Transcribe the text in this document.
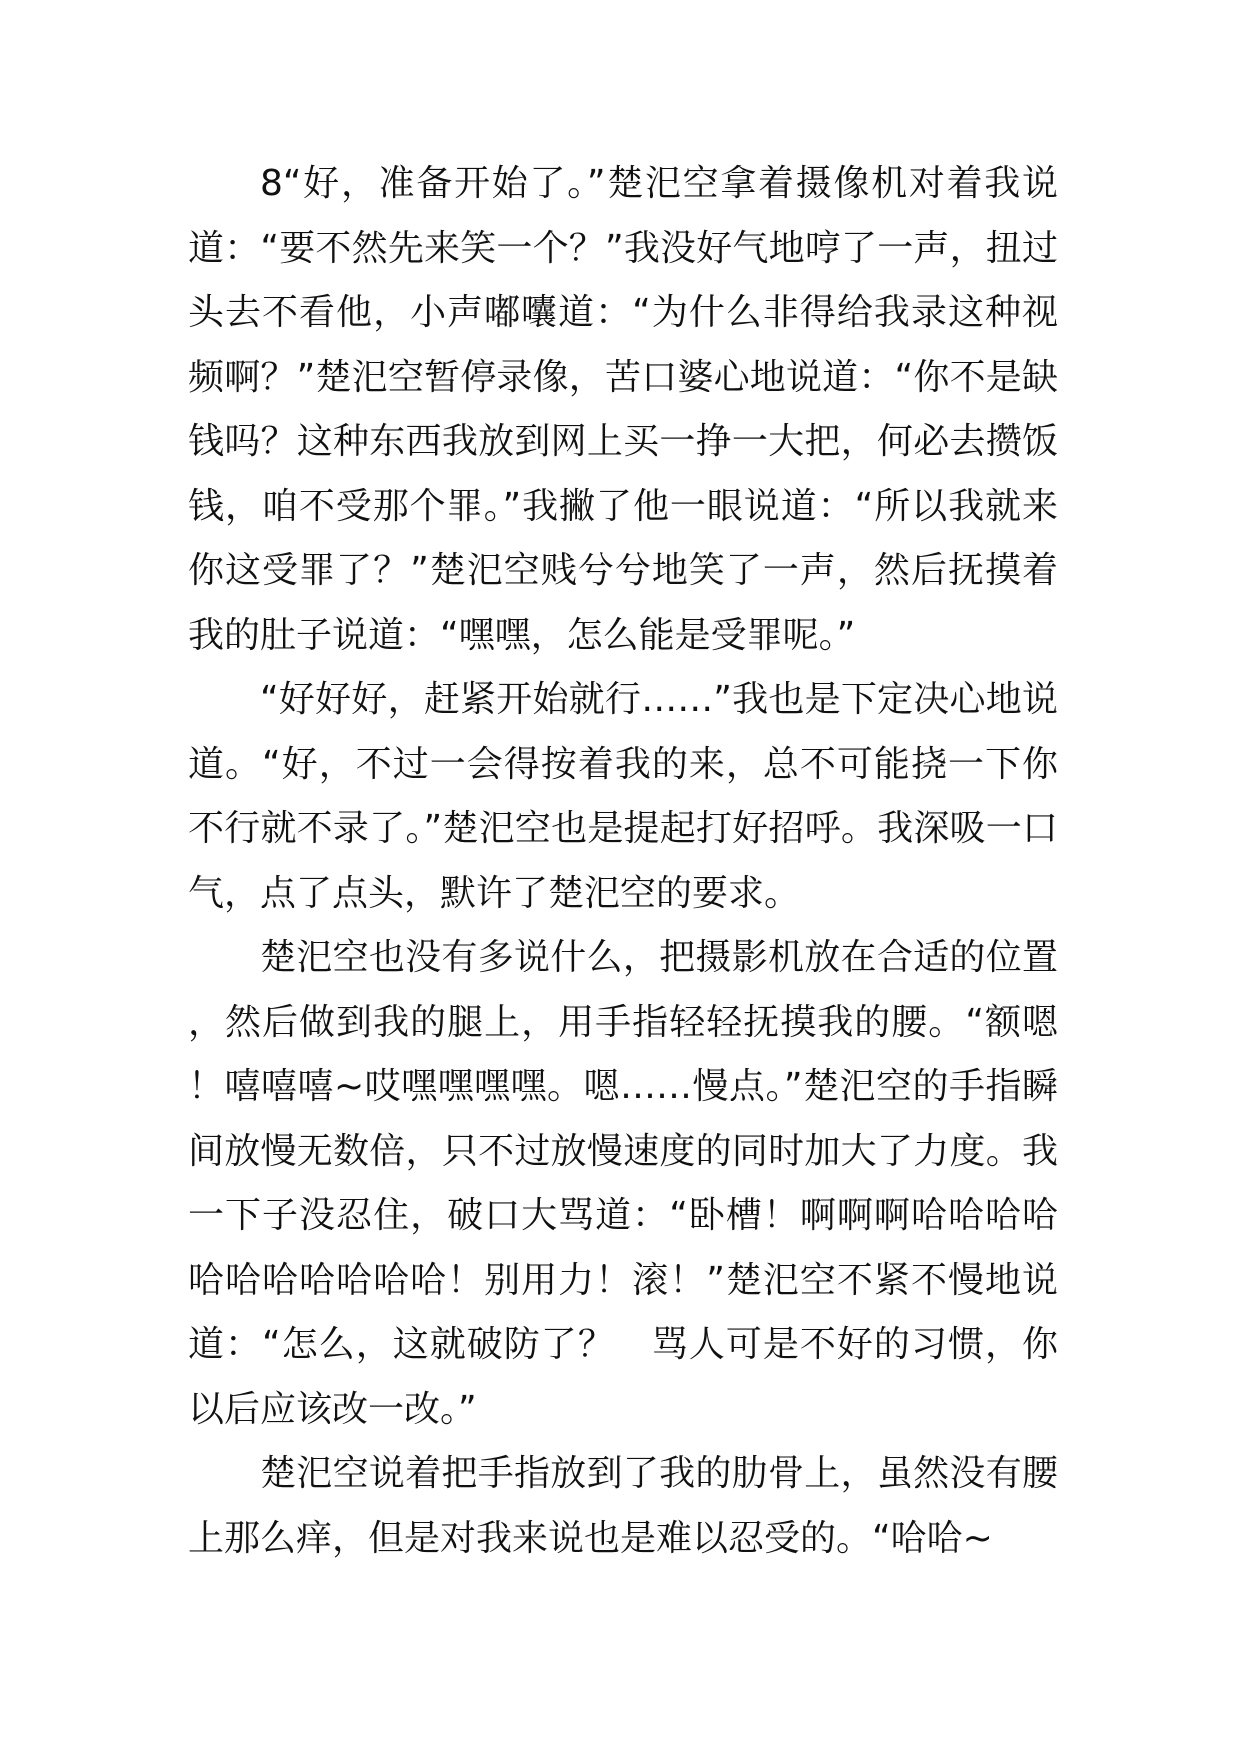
8“好，准备开始了。”楚汜空拿着摄像机对着我说道：“要不然先来笑一个？”我没好气地哼了一声，扭过头去不看他，小声嘟囔道：“为什么非得给我录这种视频啊？”楚汜空暂停录像，苦口婆心地说道：“你不是缺钱吗？这种东西我放到网上买一挣一大把，何必去攒饭钱，咱不受那个罪。”我撇了他一眼说道：“所以我就来你这受罪了？”楚汜空贱兮兮地笑了一声，然后抚摸着我的肚子说道：“嘿嘿，怎么能是受罪呢。”

“好好好，赶紧开始就行……”我也是下定决心地说道。“好，不过一会得按着我的来，总不可能挠一下你不行就不录了。”楚汜空也是提起打好招呼。我深吸一口气，点了点头，默许了楚汜空的要求。

楚汜空也没有多说什么，把摄影机放在合适的位置，然后做到我的腿上，用手指轻轻抚摸我的腰。“额嗯！嘻嘻嘻~哎嘿嘿嘿嘿。嗯……慢点。”楚汜空的手指瞬间放慢无数倍，只不过放慢速度的同时加大了力度。我一下子没忍住，破口大骂道：“卧槽！啊啊啊哈哈哈哈哈哈哈哈哈哈哈！别用力！滚！”楚汜空不紧不慢地说道：“怎么，这就破防了？　骂人可是不好的习惯，你以后应该改一改。”

楚汜空说着把手指放到了我的肋骨上，虽然没有腰上那么痒，但是对我来说也是难以忍受的。“哈哈~
